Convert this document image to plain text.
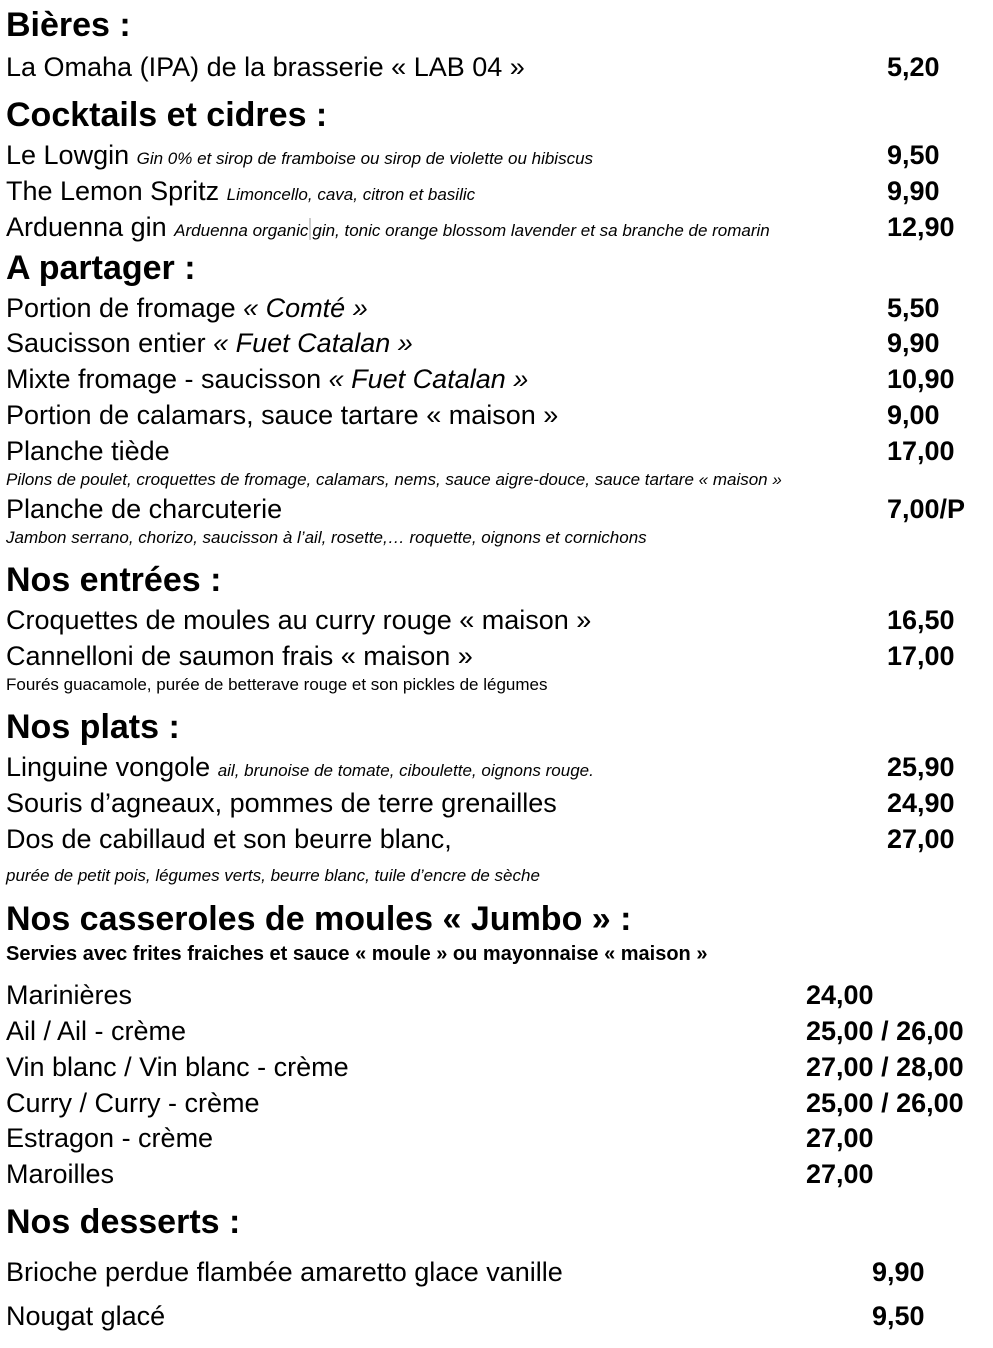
Bières :
La Omaha (IPA) de la brasserie « LAB 04 »	5,20
Cocktails et cidres :
Le Lowgin Gin 0% et sirop de framboise ou sirop de violette ou hibiscus	9,50
The Lemon Spritz Limoncello, cava, citron et basilic	9,90
Arduenna gin Arduenna organic gin, tonic orange blossom lavender et sa branche de romarin	12,90
A partager :
Portion de fromage « Comté »	5,50
Saucisson entier « Fuet Catalan »	9,90
Mixte fromage - saucisson « Fuet Catalan »	10,90
Portion de calamars, sauce tartare « maison »	9,00
Planche tiède	17,00
Pilons de poulet, croquettes de fromage, calamars, nems, sauce aigre-douce, sauce tartare « maison »
Planche de charcuterie	7,00/P
Jambon serrano, chorizo, saucisson à l’ail, rosette,… roquette, oignons et cornichons
Nos entrées :
Croquettes de moules au curry rouge « maison »	16,50
Cannelloni de saumon frais « maison »	17,00
Fourés guacamole, purée de betterave rouge et son pickles de légumes
Nos plats :
Linguine vongole ail, brunoise de tomate, ciboulette, oignons rouge.	25,90
Souris d’agneaux, pommes de terre grenailles	24,90
Dos de cabillaud et son beurre blanc,	27,00
purée de petit pois, légumes verts, beurre blanc, tuile d’encre de sèche
Nos casseroles de moules « Jumbo » :
Servies avec frites fraiches et sauce « moule » ou mayonnaise « maison »
Marinières	24,00
Ail / Ail - crème	25,00 / 26,00
Vin blanc / Vin blanc - crème	27,00 / 28,00
Curry / Curry - crème	25,00 / 26,00
Estragon - crème	27,00
Maroilles	27,00
Nos desserts :
Brioche perdue flambée amaretto glace vanille	9,90
Nougat glacé	9,50
